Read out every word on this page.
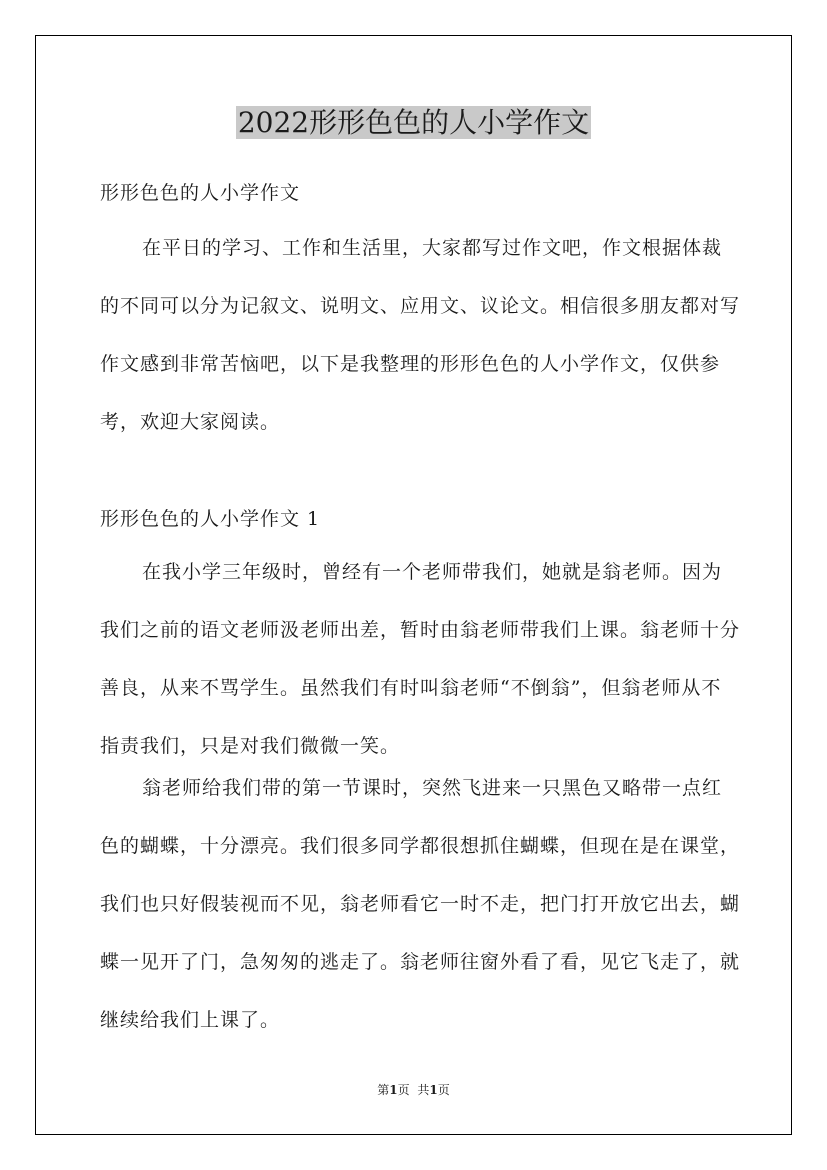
2022形形色色的人小学作文

形形色色的人小学作文

在平日的学习、工作和生活里，大家都写过作文吧，作文根据体裁的不同可以分为记叙文、说明文、应用文、议论文。相信很多朋友都对写作文感到非常苦恼吧，以下是我整理的形形色色的人小学作文，仅供参考，欢迎大家阅读。

形形色色的人小学作文 1

在我小学三年级时，曾经有一个老师带我们，她就是翁老师。因为我们之前的语文老师汲老师出差，暂时由翁老师带我们上课。翁老师十分善良，从来不骂学生。虽然我们有时叫翁老师“不倒翁”，但翁老师从不指责我们，只是对我们微微一笑。

翁老师给我们带的第一节课时，突然飞进来一只黑色又略带一点红色的蝴蝶，十分漂亮。我们很多同学都很想抓住蝴蝶，但现在是在课堂，我们也只好假装视而不见，翁老师看它一时不走，把门打开放它出去，蝴蝶一见开了门，急匆匆的逃走了。翁老师往窗外看了看，见它飞走了，就继续给我们上课了。

第1页 共1页
